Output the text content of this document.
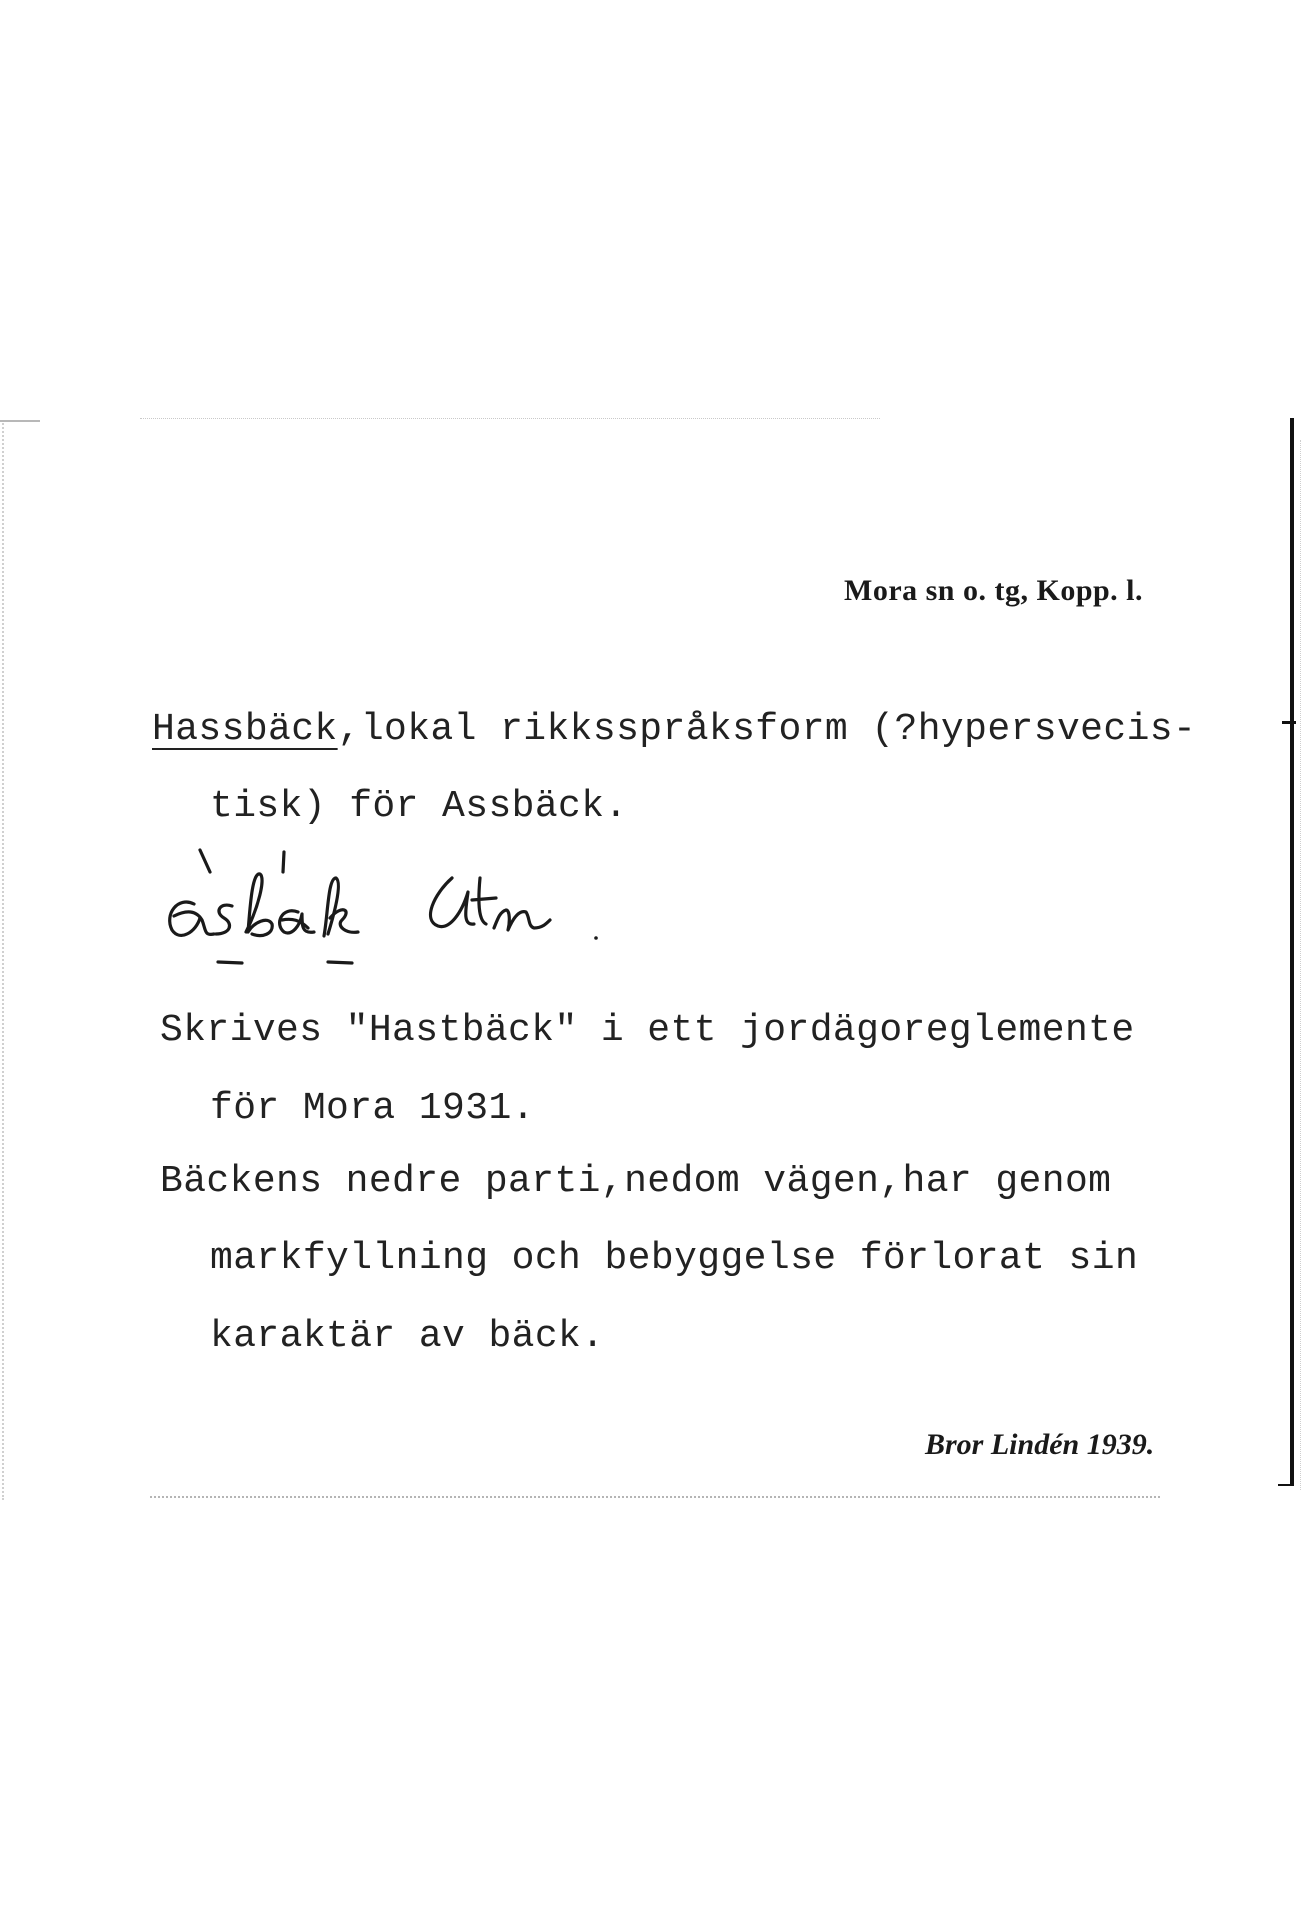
Mora sn o. tg, Kopp. l.
Hassbäck,lokal rikksspråksform (?hypersvecis-
tisk) för Assbäck.
Skrives "Hastbäck" i ett jordägoreglemente
för Mora 1931.
Bäckens nedre parti,nedom vägen,har genom
markfyllning och bebyggelse förlorat sin
karaktär av bäck.
Bror Lindén 1939.
